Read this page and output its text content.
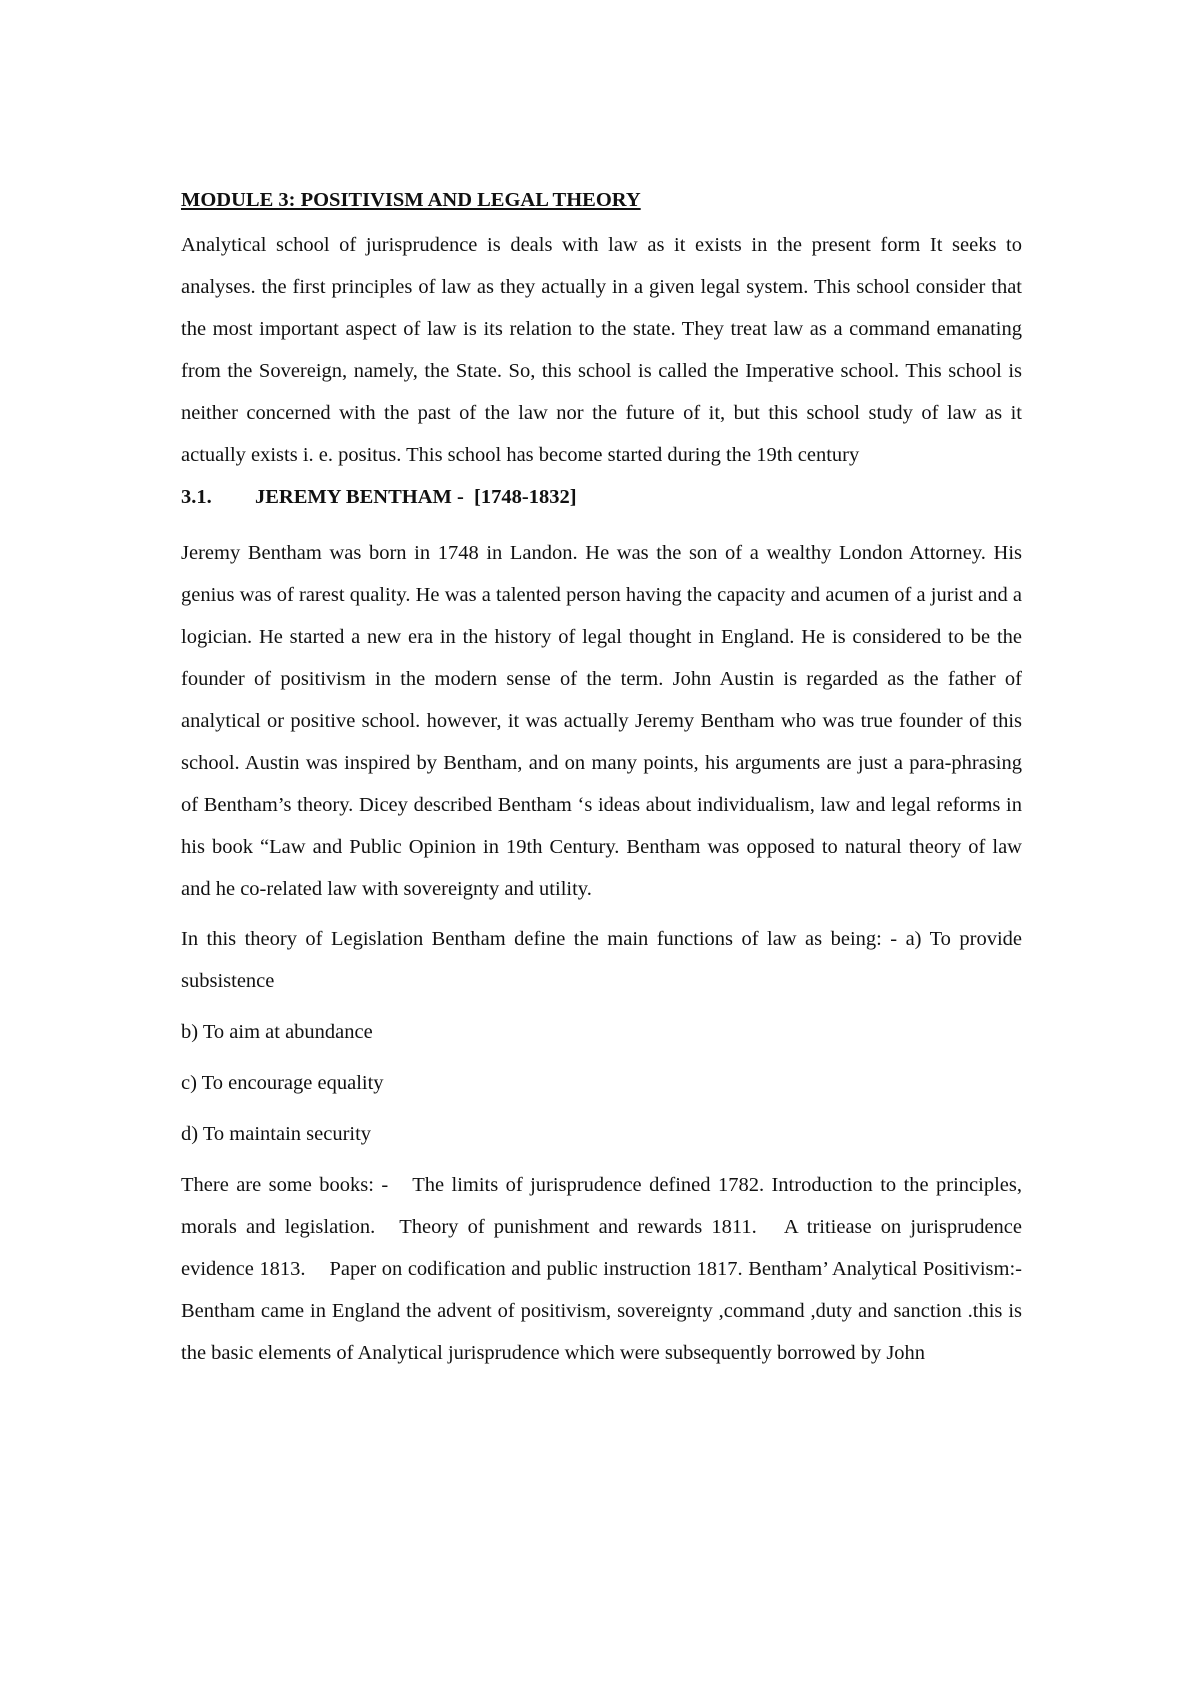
MODULE 3: POSITIVISM AND LEGAL THEORY

Analytical school of jurisprudence is deals with law as it exists in the present form It seeks to analyses. the first principles of law as they actually in a given legal system. This school consider that the most important aspect of law is its relation to the state. They treat law as a command emanating from the Sovereign, namely, the State. So, this school is called the Imperative school. This school is neither concerned with the past of the law nor the future of it, but this school study of law as it actually exists i. e. positus. This school has become started during the 19th century

3.1. JEREMY BENTHAM -  [1748-1832]

Jeremy Bentham was born in 1748 in Landon. He was the son of a wealthy London Attorney. His genius was of rarest quality. He was a talented person having the capacity and acumen of a jurist and a logician. He started a new era in the history of legal thought in England. He is considered to be the founder of positivism in the modern sense of the term. John Austin is regarded as the father of analytical or positive school. however, it was actually Jeremy Bentham who was true founder of this school. Austin was inspired by Bentham, and on many points, his arguments are just a para-phrasing of Bentham’s theory. Dicey described Bentham ‘s ideas about individualism, law and legal reforms in his book “Law and Public Opinion in 19th Century. Bentham was opposed to natural theory of law and he co-related law with sovereignty and utility.

In this theory of Legislation Bentham define the main functions of law as being: - a) To provide subsistence

b) To aim at abundance
c) To encourage equality
d) To maintain security

There are some books: - The limits of jurisprudence defined 1782. Introduction to the principles, morals and legislation. Theory of punishment and rewards 1811. A tritiease on jurisprudence evidence 1813. Paper on codification and public instruction 1817. Bentham’ Analytical Positivism:-Bentham came in England the advent of positivism, sovereignty ,command ,duty and sanction .this is the basic elements of Analytical jurisprudence which were subsequently borrowed by John
